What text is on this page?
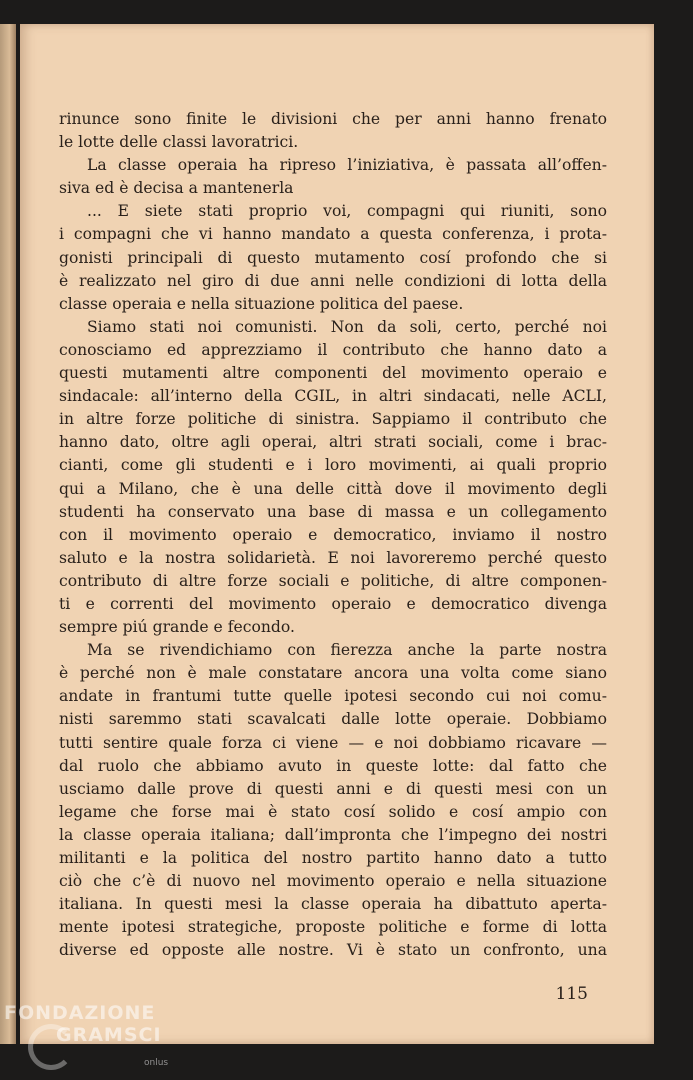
rinunce sono finite le divisioni che per anni hanno frenato
le lotte delle classi lavoratrici.

La classe operaia ha ripreso l’iniziativa, è passata all’offen-
siva ed è decisa a mantenerla

... E siete stati proprio voi, compagni qui riuniti, sono
i compagni che vi hanno mandato a questa conferenza, i prota-
gonisti principali di questo mutamento cosí profondo che si
è realizzato nel giro di due anni nelle condizioni di lotta della
classe operaia e nella situazione politica del paese.

Siamo stati noi comunisti. Non da soli, certo, perché noi
conosciamo ed apprezziamo il contributo che hanno dato a
questi mutamenti altre componenti del movimento operaio e
sindacale: all’interno della CGIL, in altri sindacati, nelle ACLI,
in altre forze politiche di sinistra. Sappiamo il contributo che
hanno dato, oltre agli operai, altri strati sociali, come i brac-
cianti, come gli studenti e i loro movimenti, ai quali proprio
qui a Milano, che è una delle città dove il movimento degli
studenti ha conservato una base di massa e un collegamento
con il movimento operaio e democratico, inviamo il nostro
saluto e la nostra solidarietà. E noi lavoreremo perché questo
contributo di altre forze sociali e politiche, di altre componen-
ti e correnti del movimento operaio e democratico divenga
sempre piú grande e fecondo.

Ma se rivendichiamo con fierezza anche la parte nostra
è perché non è male constatare ancora una volta come siano
andate in frantumi tutte quelle ipotesi secondo cui noi comu-
nisti saremmo stati scavalcati dalle lotte operaie. Dobbiamo
tutti sentire quale forza ci viene — e noi dobbiamo ricavare —
dal ruolo che abbiamo avuto in queste lotte: dal fatto che
usciamo dalle prove di questi anni e di questi mesi con un
legame che forse mai è stato cosí solido e cosí ampio con
la classe operaia italiana; dall’impronta che l’impegno dei nostri
militanti e la politica del nostro partito hanno dato a tutto
ciò che c’è di nuovo nel movimento operaio e nella situazione
italiana. In questi mesi la classe operaia ha dibattuto aperta-
mente ipotesi strategiche, proposte politiche e forme di lotta
diverse ed opposte alle nostre. Vi è stato un confronto, una

115
FONDAZIONE
GRAMSCI
onlus
